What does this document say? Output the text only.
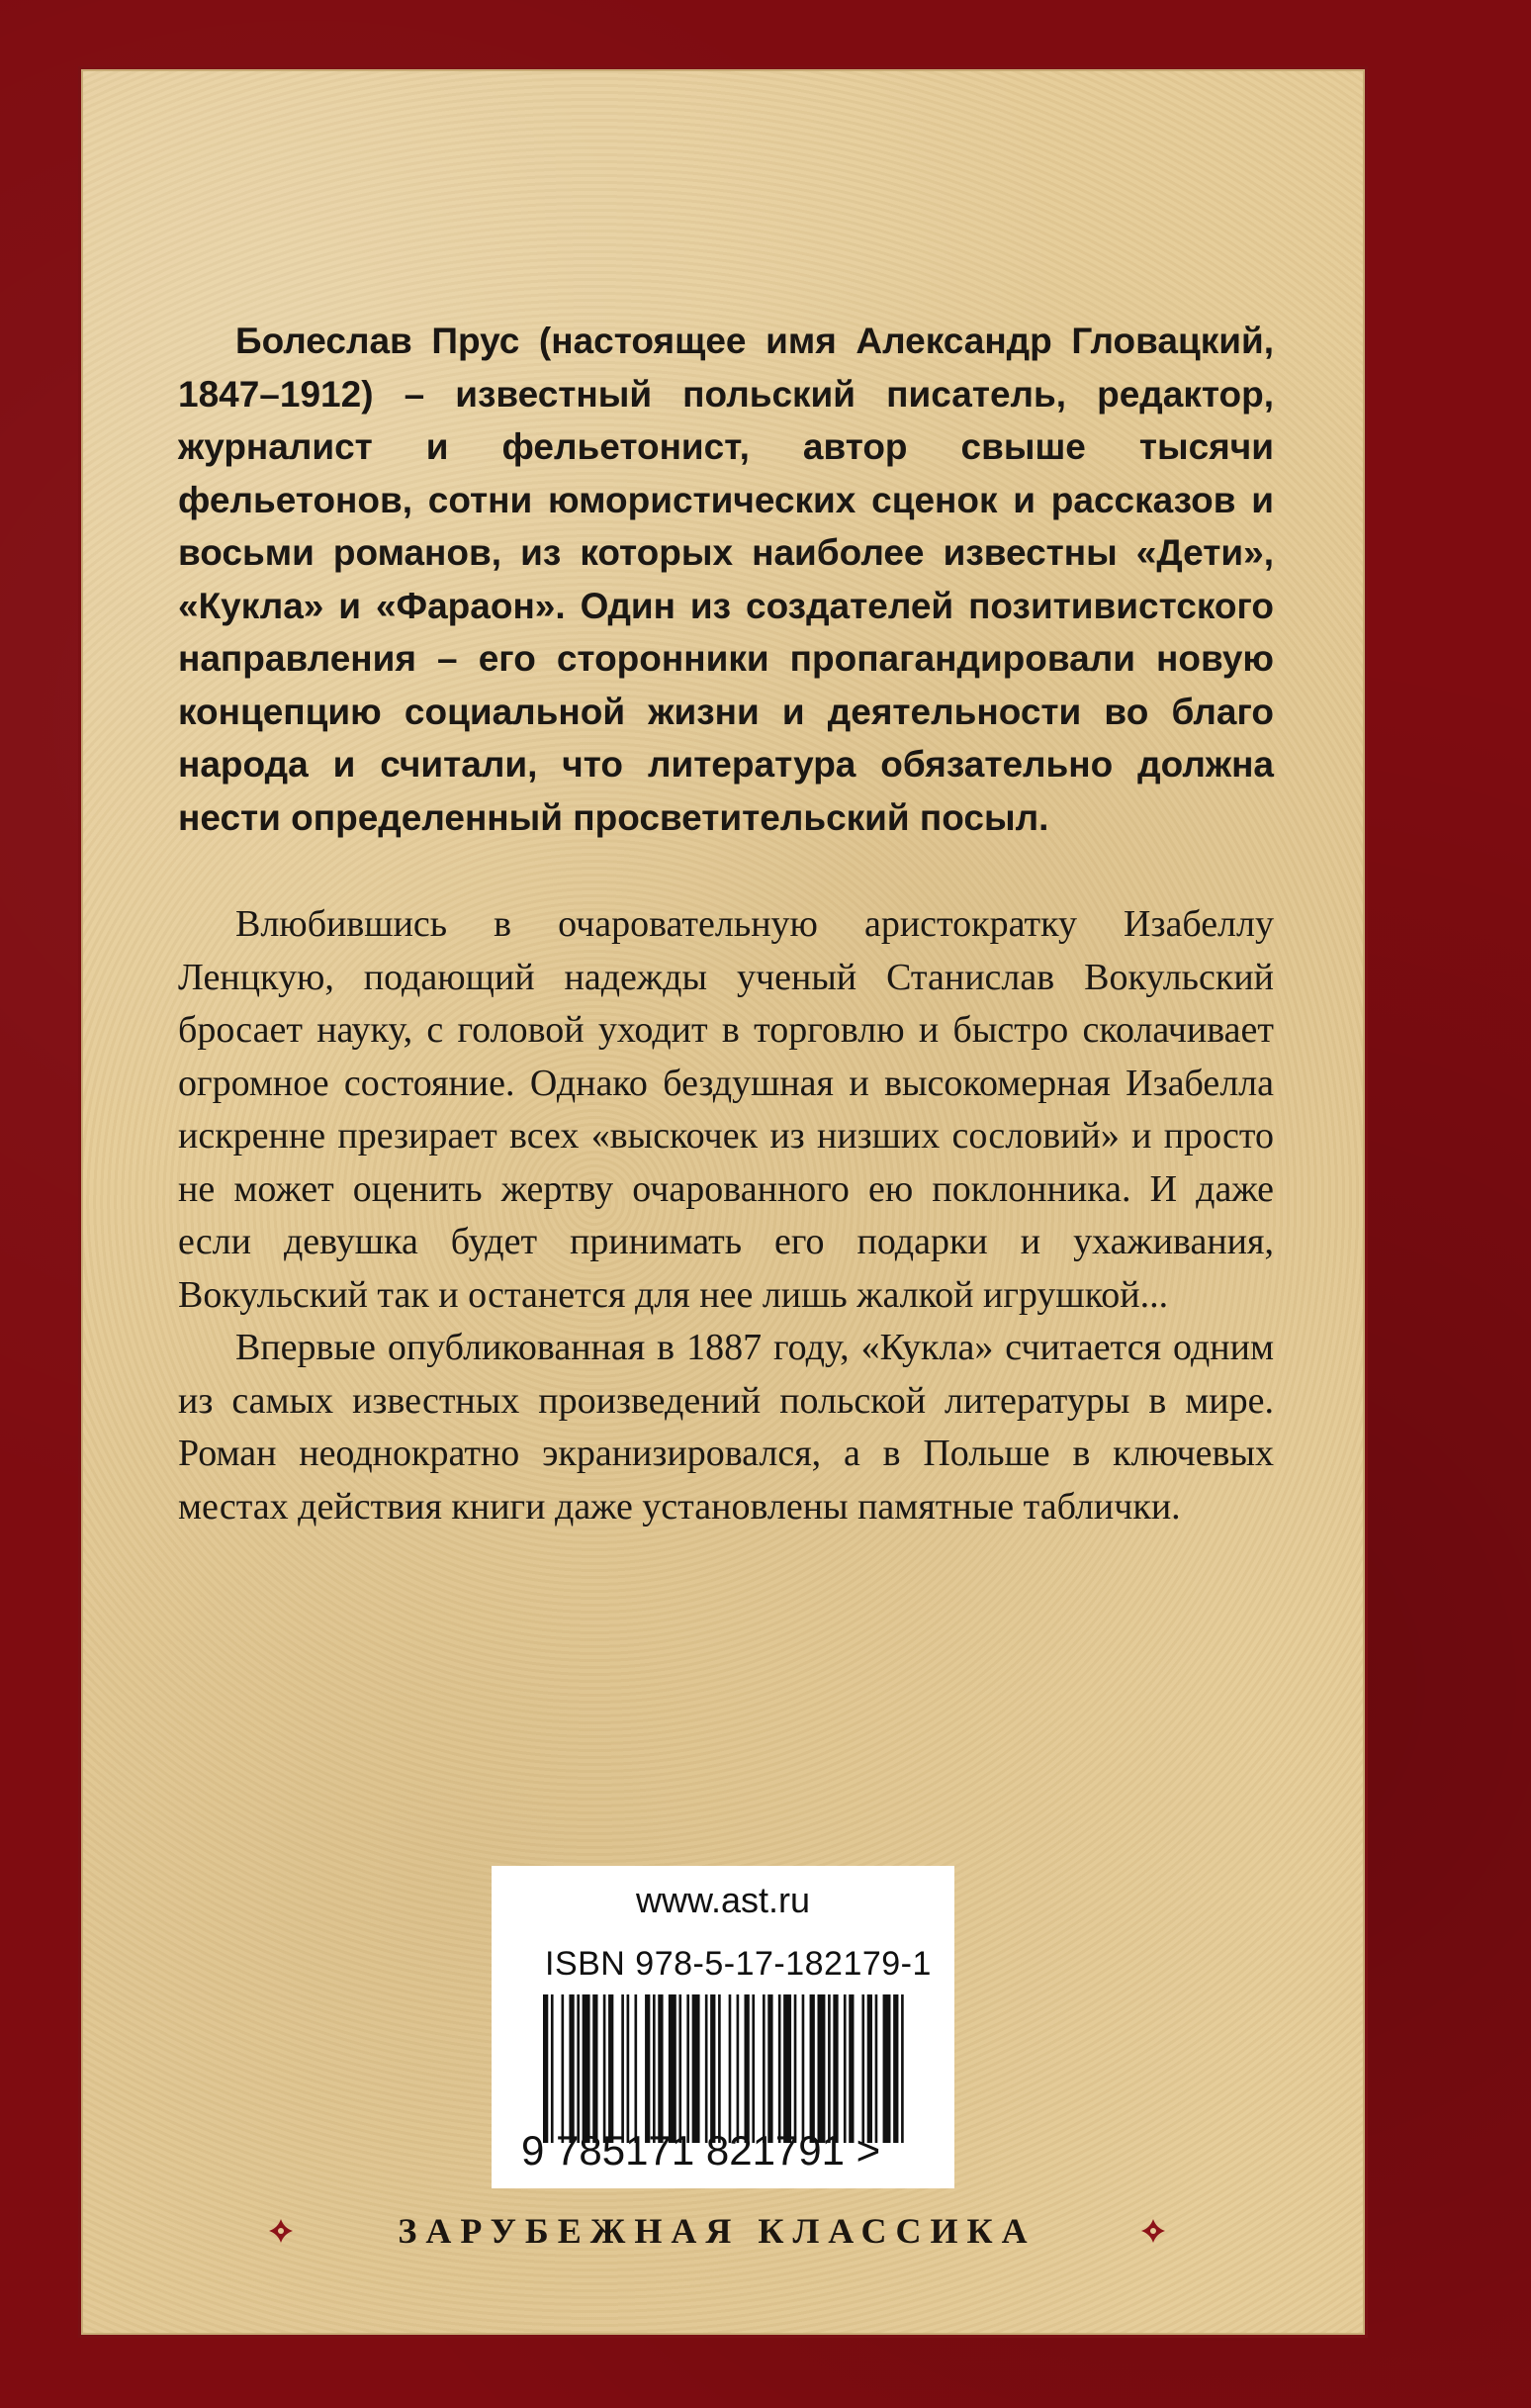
Болеслав Прус (настоящее имя Александр Гловацкий, 1847–1912) – известный польский писатель, редактор, журналист и фельетонист, автор свыше тысячи фельетонов, сотни юмористических сценок и рассказов и восьми романов, из которых наиболее известны «Дети», «Кукла» и «Фараон». Один из создателей позитивистского направления – его сторонники пропагандировали новую концепцию социальной жизни и деятельности во благо народа и считали, что литература обязательно должна нести определенный просветительский посыл.

Влюбившись в очаровательную аристократку Изабеллу Ленцкую, подающий надежды ученый Станислав Вокульский бросает науку, с головой уходит в торговлю и быстро сколачивает огромное состояние. Однако бездушная и высокомерная Изабелла искренне презирает всех «выскочек из низших сословий» и просто не может оценить жертву очарованного ею поклонника. И даже если девушка будет принимать его подарки и ухаживания, Вокульский так и останется для нее лишь жалкой игрушкой...

Впервые опубликованная в 1887 году, «Кукла» считается одним из самых известных произведений польской литературы в мире. Роман неоднократно экранизировался, а в Польше в ключевых местах действия книги даже установлены памятные таблички.

www.ast.ru
ISBN 978-5-17-182179-1
9 785171 821791 >
ЗАРУБЕЖНАЯ КЛАССИКА
